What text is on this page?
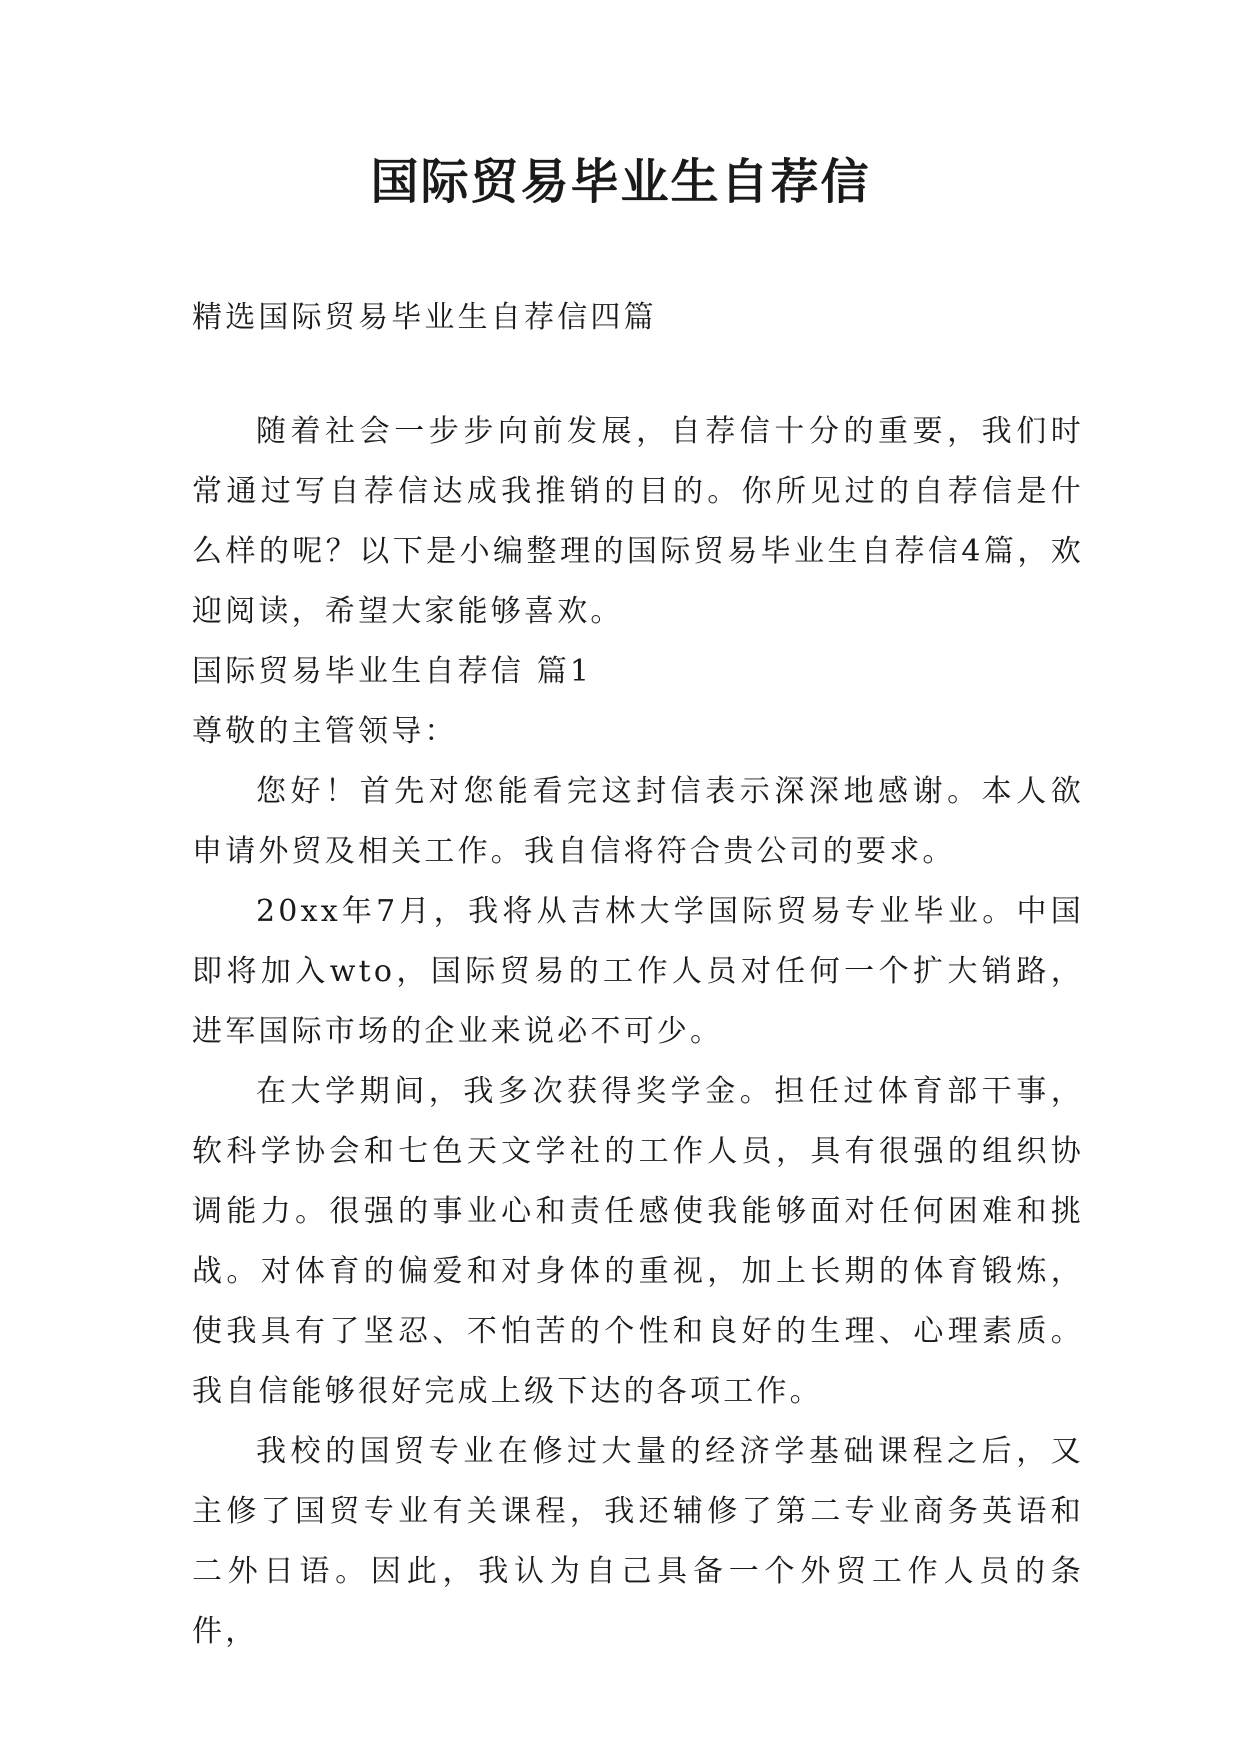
国际贸易毕业生自荐信

精选国际贸易毕业生自荐信四篇

随着社会一步步向前发展，自荐信十分的重要，我们时常通过写自荐信达成我推销的目的。你所见过的自荐信是什么样的呢？以下是小编整理的国际贸易毕业生自荐信4篇，欢迎阅读，希望大家能够喜欢。

国际贸易毕业生自荐信 篇1

尊敬的主管领导：

您好！首先对您能看完这封信表示深深地感谢。本人欲申请外贸及相关工作。我自信将符合贵公司的要求。

20xx年7月，我将从吉林大学国际贸易专业毕业。中国即将加入wto，国际贸易的工作人员对任何一个扩大销路，进军国际市场的企业来说必不可少。

在大学期间，我多次获得奖学金。担任过体育部干事，软科学协会和七色天文学社的工作人员，具有很强的组织协调能力。很强的事业心和责任感使我能够面对任何困难和挑战。对体育的偏爱和对身体的重视，加上长期的体育锻炼，使我具有了坚忍、不怕苦的个性和良好的生理、心理素质。我自信能够很好完成上级下达的各项工作。

我校的国贸专业在修过大量的经济学基础课程之后，又主修了国贸专业有关课程，我还辅修了第二专业商务英语和二外日语。因此，我认为自己具备一个外贸工作人员的条件，
